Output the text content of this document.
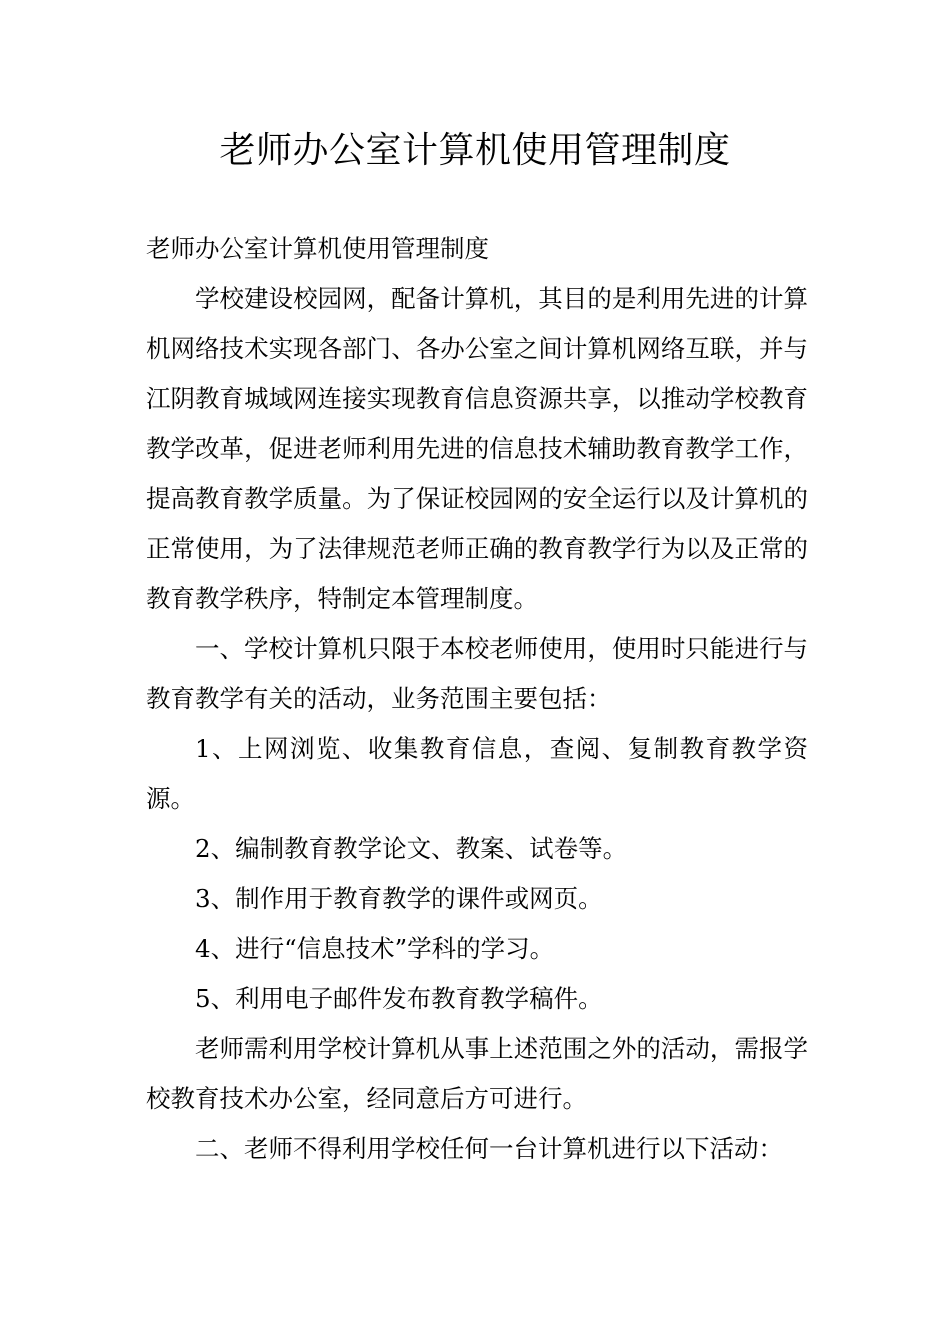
老师办公室计算机使用管理制度

老师办公室计算机使用管理制度

学校建设校园网，配备计算机，其目的是利用先进的计算机网络技术实现各部门、各办公室之间计算机网络互联，并与江阴教育城域网连接实现教育信息资源共享，以推动学校教育教学改革，促进老师利用先进的信息技术辅助教育教学工作，提高教育教学质量。为了保证校园网的安全运行以及计算机的正常使用，为了法律规范老师正确的教育教学行为以及正常的教育教学秩序，特制定本管理制度。

一、学校计算机只限于本校老师使用，使用时只能进行与教育教学有关的活动，业务范围主要包括：

1、上网浏览、收集教育信息，查阅、复制教育教学资源。

2、编制教育教学论文、教案、试卷等。

3、制作用于教育教学的课件或网页。

4、进行“信息技术”学科的学习。

5、利用电子邮件发布教育教学稿件。

老师需利用学校计算机从事上述范围之外的活动，需报学校教育技术办公室，经同意后方可进行。

二、老师不得利用学校任何一台计算机进行以下活动：
